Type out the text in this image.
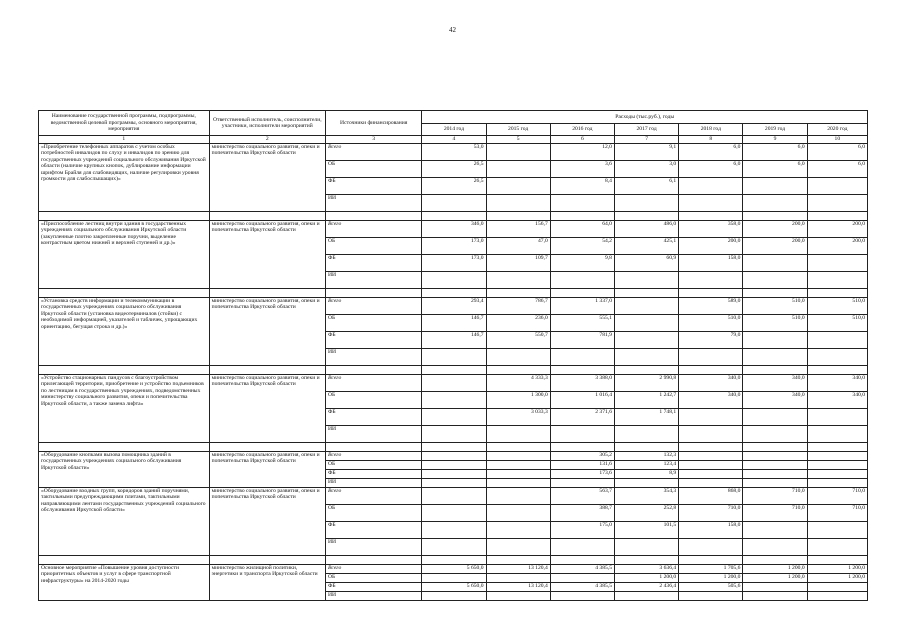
42
Наименование государственной программы, подпрограммы, ведомственной целевой программы, основного мероприятия, мероприятия	Ответственный исполнитель, соисполнители, участники, исполнители мероприятий	Источники финансирования	Расходы (тыс.руб.), годы						
			2014 год	2015 год	2016 год	2017 год	2018 год	2019 год	2020 год
1	2	3	4	5	6	7	8	9	10
«Приобретение телефонных аппаратов с учетом особых потребностей инвалидов по слуху и инвалидов по зрению для государственных учреждений социального обслуживания Иркутской области (наличие крупных кнопок, дублирование информации шрифтом Брайля для слабовидящих, наличие регулировки уровня громкости для слабослышащих)»	министерство социального развития, опеки и попечительства Иркутской области	Всего	53,0		12,0	9,1	6,0	6,0	6,0
		ОБ	26,5		3,6	3,0	6,0	6,0	6,0
		ФБ	26,5		8,4	6,1			
		ИИ							

«Приспособление лестниц внутри здания в государственных учреждениях социального обслуживания Иркутской области (закупленные плотно закрепленные поручни, выделение контрастным цветом нижней и верхней ступеней и др.)»	министерство социального развития, опеки и попечительства Иркутской области	Всего	346,0	156,7	64,0	486,0	358,0	200,0	200,0
		ОБ	173,0	47,0	54,2	425,1	200,0	200,0	200,0
		ФБ	173,0	109,7	9,8	60,9	158,0		
		ИИ							

«Установка средств информации и телекоммуникации в государственных учреждениях социального обслуживания Иркутской области (установка видеотерминалов (стойки) с необходимой информацией, указателей и табличек, упрощающих ориентацию, бегущая строка и др.)»	министерство социального развития, опеки и попечительства Иркутской области	Всего	293,4	786,7	1 337,0		589,0	510,0	510,0
		ОБ	146,7	236,0	555,1		510,0	510,0	510,0
		ФБ	146,7	550,7	781,9		79,0		
		ИИ							

«Устройство стационарных пандусов с благоустройством прилегающей территории, приобретение и устройство подъемников по лестницам в государственных учреждениях, подведомственных министерству социального развития, опеки и попечительства Иркутской области, а также замена лифта»	министерство социального развития, опеки и попечительства Иркутской области	Всего		4 333,3	3 388,0	2 990,8	340,0	340,0	340,0
		ОБ		1 300,0	1 016,4	1 242,7	340,0	340,0	340,0
		ФБ		3 033,3	2 371,6	1 748,1			
		ИИ							

«Оборудование кнопками вызова помощника зданий в государственных учреждениях социального обслуживания Иркутской области»	министерство социального развития, опеки и попечительства Иркутской области	Всего			305,2	132,3			
		ОБ			131,6	123,4			
		ФБ			173,6	8,9			
		ИИ							
«Оборудование входных групп, коридоров зданий поручнями, тактильными предупреждающими плитами, тактильными направляющими лентами государственных учреждений социального обслуживания Иркутской области»	министерство социального развития, опеки и попечительства Иркутской области	Всего			563,7	354,3	868,0	710,0	710,0
		ОБ			388,7	252,8	710,0	710,0	710,0
		ФБ			175,0	101,5	158,0		
		ИИ							

Основное мероприятие «Повышение уровня доступности приоритетных объектов и услуг в сфере транспортной инфраструктуры» на 2014-2020 годы	министерство жилищной политики, энергетики и транспорта Иркутской области	Всего	5 650,0	13 120,4	4 385,5	3 636,4	1 705,6	1 200,0	1 200,0
		ОБ				1 200,0	1 200,0	1 200,0	1 200,0
		ФБ	5 650,0	13 120,4	4 385,5	2 436,4	505,6		
		ИИ							
